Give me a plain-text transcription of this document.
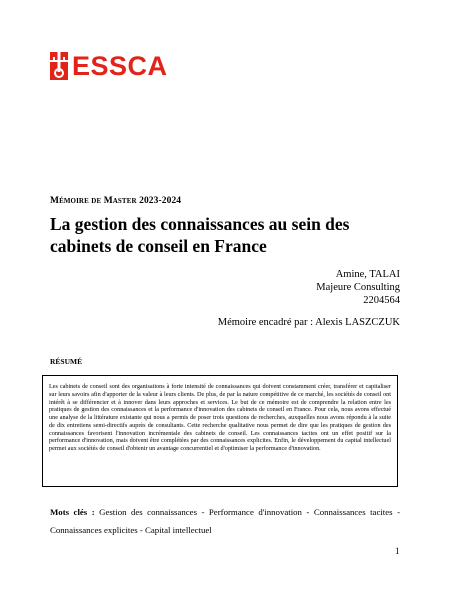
ESSCA
Mémoire de Master 2023-2024
La gestion des connaissances au sein des cabinets de conseil en France
Amine, TALAI
Majeure Consulting
2204564
Mémoire encadré par : Alexis LASZCZUK
RÉSUMÉ
Les cabinets de conseil sont des organisations à forte intensité de connaissances qui doivent constamment créer, transférer et capitaliser sur leurs savoirs afin d'apporter de la valeur à leurs clients. De plus, de par la nature compétitive de ce marché, les sociétés de conseil ont intérêt à se différencier et à innover dans leurs approches et services. Le but de ce mémoire est de comprendre la relation entre les pratiques de gestion des connaissances et la performance d'innovation des cabinets de conseil en France. Pour cela, nous avons effectué une analyse de la littérature existante qui nous a permis de poser trois questions de recherches, auxquelles nous avons répondu à la suite de dix entretiens semi-directifs auprès de consultants. Cette recherche qualitative nous permet de dire que les pratiques de gestion des connaissances favorisent l'innovation incrémentale des cabinets de conseil. Les connaissances tacites ont un effet positif sur la performance d'innovation, mais doivent être complétées par des connaissances explicites. Enfin, le développement du capital intellectuel permet aux sociétés de conseil d'obtenir un avantage concurrentiel et d'optimiser la performance d'innovation.
Mots clés : Gestion des connaissances - Performance d'innovation - Connaissances tacites - Connaissances explicites - Capital intellectuel
1
